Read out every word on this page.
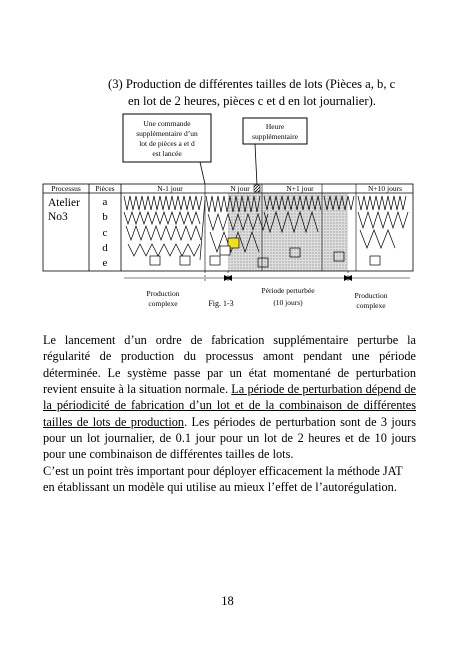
(3) Production de différentes tailles de lots (Pièces a, b, c
en lot de 2 heures, pièces c et d en lot journalier).
Une commande
supplémentaire d’un
lot de pièces a et d
est lancée
Heure
supplémentaire
Processus Pièces	N-1 jour	N jour	N+1 jour	N+10 jours
Atelier
No3
a
b
c
d
e
Production
complexe
Période perturbée
Fig. 1-3	(10 jours)
Production
complexe
Le lancement d’un ordre de fabrication supplémentaire perturbe la régularité de production du processus amont pendant une période déterminée. Le système passe par un état momentané de perturbation revient ensuite à la situation normale. La période de perturbation dépend de la périodicité de fabrication d’un lot et de la combinaison de différentes tailles de lots de production. Les périodes de perturbation sont de 3 jours pour un lot journalier, de 0.1 jour pour un lot de 2 heures et de 10 jours pour une combinaison de différentes tailles de lots.
C’est un point très important pour déployer efficacement la méthode JAT en établissant un modèle qui utilise au mieux l’effet de l’autorégulation.
18
